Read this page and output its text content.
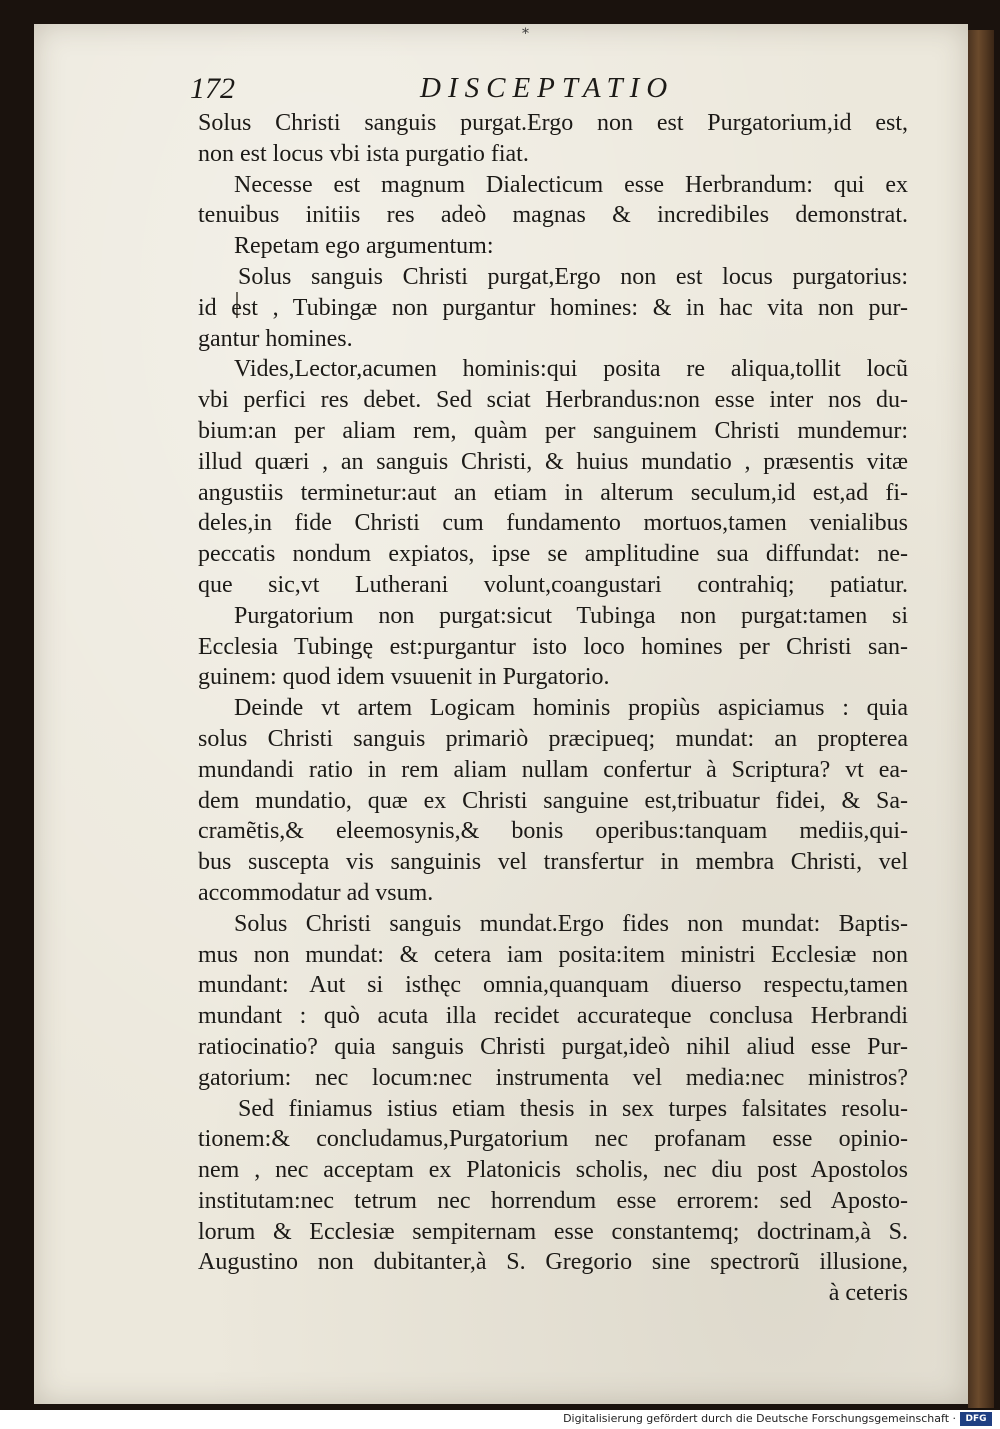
*
172	DISCEPTATIO
Solus Christi sanguis purgat.Ergo non est Purgatorium,id est,
non est locus vbi ista purgatio fiat.
Necesse est magnum Dialecticum esse Herbrandum: qui ex
tenuibus initiis res adeò magnas & incredibiles demonstrat.
Repetam ego argumentum:
Solus sanguis Christi purgat,Ergo non est locus purgatorius:
id est , Tubingæ non purgantur homines: & in hac vita non pur-
gantur homines.
Vides,Lector,acumen hominis:qui posita re aliqua,tollit locũ
vbi perfici res debet. Sed sciat Herbrandus:non esse inter nos du-
bium:an per aliam rem, quàm per sanguinem Christi mundemur:
illud quæri , an sanguis Christi, & huius mundatio , præsentis vitæ
angustiis terminetur:aut an etiam in alterum seculum,id est,ad fi-
deles,in fide Christi cum fundamento mortuos,tamen venialibus
peccatis nondum expiatos, ipse se amplitudine sua diffundat: ne-
que sic,vt Lutherani volunt,coangustari contrahiq; patiatur.
Purgatorium non purgat:sicut Tubinga non purgat:tamen si
Ecclesia Tubingę est:purgantur isto loco homines per Christi san-
guinem: quod idem vsuuenit in Purgatorio.
Deinde vt artem Logicam hominis propiùs aspiciamus : quia
solus Christi sanguis primariò præcipueq; mundat: an propterea
mundandi ratio in rem aliam nullam confertur à Scriptura? vt ea-
dem mundatio, quæ ex Christi sanguine est,tribuatur fidei, & Sa-
cramẽtis,& eleemosynis,& bonis operibus:tanquam mediis,qui-
bus suscepta vis sanguinis vel transfertur in membra Christi, vel
accommodatur ad vsum.
Solus Christi sanguis mundat.Ergo fides non mundat: Baptis-
mus non mundat: & cetera iam posita:item ministri Ecclesiæ non
mundant: Aut si isthęc omnia,quanquam diuerso respectu,tamen
mundant : quò acuta illa recidet accurateque conclusa Herbrandi
ratiocinatio? quia sanguis Christi purgat,ideò nihil aliud esse Pur-
gatorium: nec locum:nec instrumenta vel media:nec ministros?
Sed finiamus istius etiam thesis in sex turpes falsitates resolu-
tionem:& concludamus,Purgatorium nec profanam esse opinio-
nem , nec acceptam ex Platonicis scholis, nec diu post Apostolos
institutam:nec tetrum nec horrendum esse errorem: sed Aposto-
lorum & Ecclesiæ sempiternam esse constantemq; doctrinam,à S.
Augustino non dubitanter,à S. Gregorio sine spectrorũ illusione,
à ceteris
Digitalisierung gefördert durch die Deutsche Forschungsgemeinschaft ·	DFG
